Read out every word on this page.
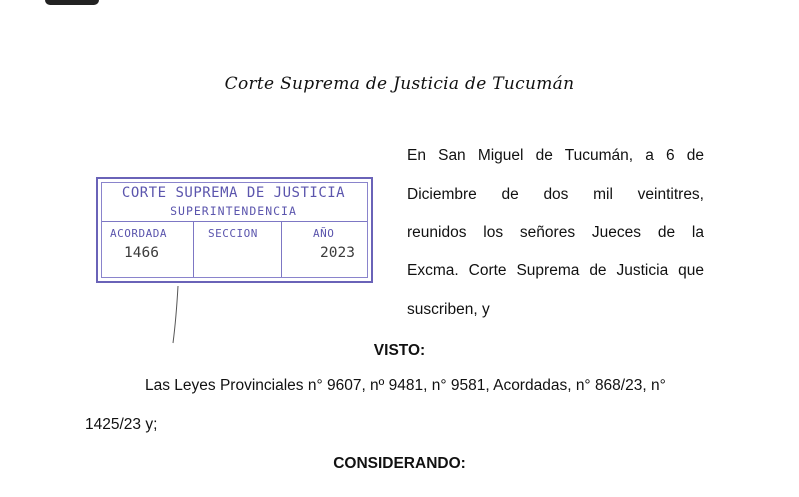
Corte Suprema de Justicia de Tucumán
En San Miguel de Tucumán, a 6 de
Diciembre de dos mil veintitres,
reunidos los señores Jueces de la
Excma. Corte Suprema de Justicia que
suscriben, y
CORTE SUPREMA DE JUSTICIA
SUPERINTENDENCIA
ACORDADA
1466
SECCION	AÑO
2023
VISTO:
Las Leyes Provinciales n° 9607, nº 9481, n° 9581, Acordadas, n° 868/23, n°
1425/23 y;
CONSIDERANDO:
